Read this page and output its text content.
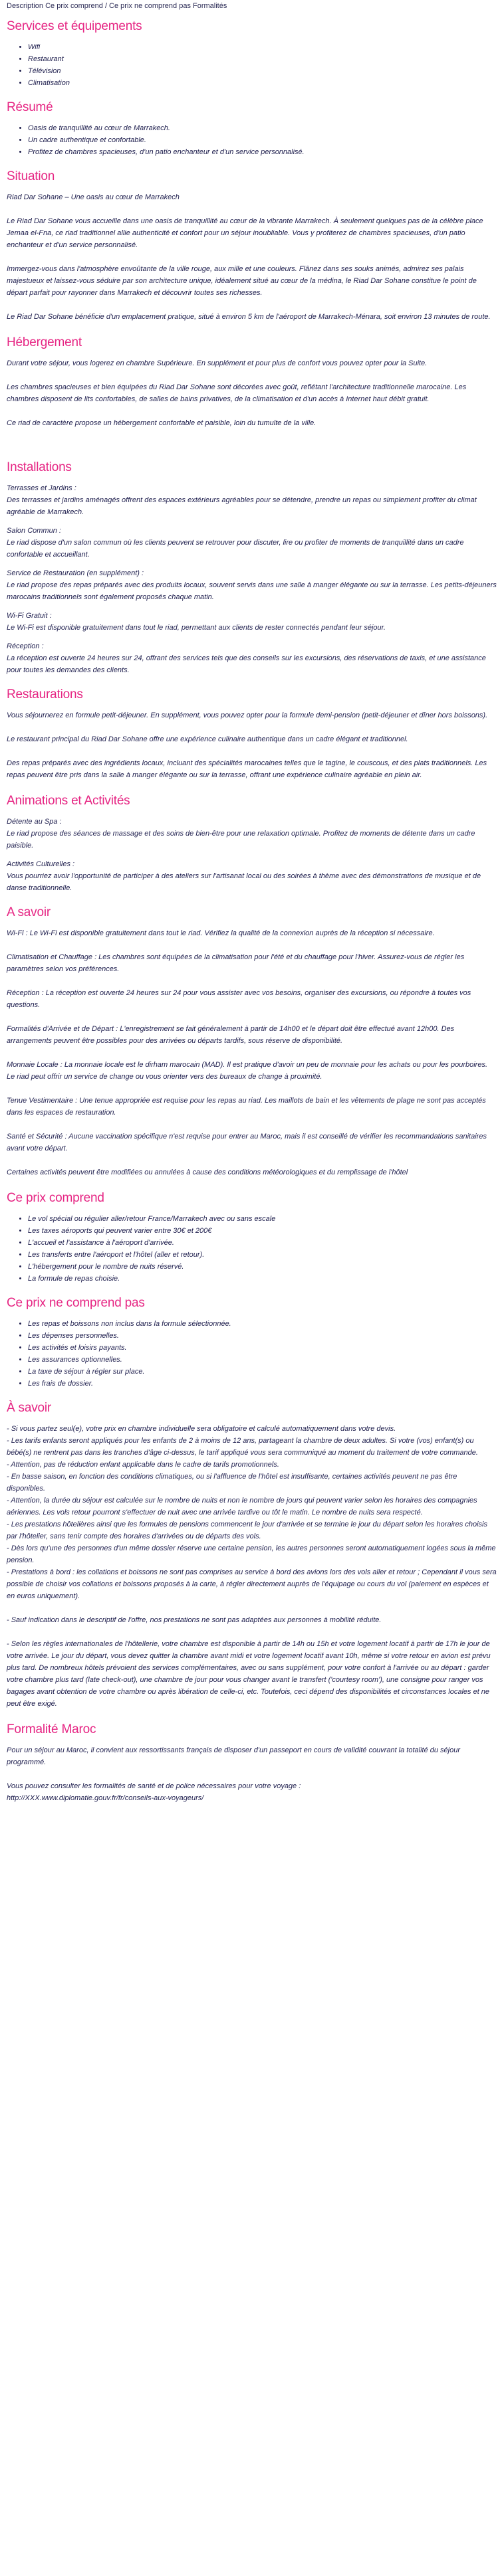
Description Ce prix comprend / Ce prix ne comprend pas Formalités
Services et équipements
• Wifi
• Restaurant
• Télévision
• Climatisation
Résumé
• Oasis de tranquillité au cœur de Marrakech.
• Un cadre authentique et confortable.
• Profitez de chambres spacieuses, d'un patio enchanteur et d'un service personnalisé.
Situation

Riad Dar Sohane – Une oasis au cœur de Marrakech

Le Riad Dar Sohane vous accueille dans une oasis de tranquillité au cœur de la vibrante Marrakech. À seulement quelques pas de la célèbre place Jemaa el-Fna, ce riad traditionnel allie authenticité et confort pour un séjour inoubliable. Vous y profiterez de chambres spacieuses, d'un patio enchanteur et d'un service personnalisé.

Immergez-vous dans l'atmosphère envoûtante de la ville rouge, aux mille et une couleurs. Flânez dans ses souks animés, admirez ses palais majestueux et laissez-vous séduire par son architecture unique, idéalement situé au cœur de la médina, le Riad Dar Sohane constitue le point de départ parfait pour rayonner dans Marrakech et découvrir toutes ses richesses.

Le Riad Dar Sohane bénéficie d'un emplacement pratique, situé à environ 5 km de l'aéroport de Marrakech-Ménara, soit environ 13 minutes de route.

Hébergement

Durant votre séjour, vous logerez en chambre Supérieure. En supplément et pour plus de confort vous pouvez opter pour la Suite.

Les chambres spacieuses et bien équipées du Riad Dar Sohane sont décorées avec goût, reflétant l'architecture traditionnelle marocaine. Les chambres disposent de lits confortables, de salles de bains privatives, de la climatisation et d'un accès à Internet haut débit gratuit.

Ce riad de caractère propose un hébergement confortable et paisible, loin du tumulte de la ville.

Installations
Terrasses et Jardins :
Des terrasses et jardins aménagés offrent des espaces extérieurs agréables pour se détendre, prendre un repas ou simplement profiter du climat agréable de Marrakech.
Salon Commun :
Le riad dispose d'un salon commun où les clients peuvent se retrouver pour discuter, lire ou profiter de moments de tranquillité dans un cadre confortable et accueillant.
Service de Restauration (en supplément) :
Le riad propose des repas préparés avec des produits locaux, souvent servis dans une salle à manger élégante ou sur la terrasse. Les petits-déjeuners marocains traditionnels sont également proposés chaque matin.
Wi-Fi Gratuit :
Le Wi-Fi est disponible gratuitement dans tout le riad, permettant aux clients de rester connectés pendant leur séjour.
Réception :
La réception est ouverte 24 heures sur 24, offrant des services tels que des conseils sur les excursions, des réservations de taxis, et une assistance pour toutes les demandes des clients.
Restaurations

Vous séjournerez en formule petit-déjeuner. En supplément, vous pouvez opter pour la formule demi-pension (petit-déjeuner et dîner hors boissons).

Le restaurant principal du Riad Dar Sohane offre une expérience culinaire authentique dans un cadre élégant et traditionnel.

Des repas préparés avec des ingrédients locaux, incluant des spécialités marocaines telles que le tagine, le couscous, et des plats traditionnels. Les repas peuvent être pris dans la salle à manger élégante ou sur la terrasse, offrant une expérience culinaire agréable en plein air.

Animations et Activités
Détente au Spa :
Le riad propose des séances de massage et des soins de bien-être pour une relaxation optimale. Profitez de moments de détente dans un cadre paisible.
Activités Culturelles :
Vous pourriez avoir l'opportunité de participer à des ateliers sur l'artisanat local ou des soirées à thème avec des démonstrations de musique et de danse traditionnelle.
A savoir

Wi-Fi : Le Wi-Fi est disponible gratuitement dans tout le riad. Vérifiez la qualité de la connexion auprès de la réception si nécessaire.

Climatisation et Chauffage : Les chambres sont équipées de la climatisation pour l'été et du chauffage pour l'hiver. Assurez-vous de régler les paramètres selon vos préférences.

Réception : La réception est ouverte 24 heures sur 24 pour vous assister avec vos besoins, organiser des excursions, ou répondre à toutes vos questions.

Formalités d'Arrivée et de Départ : L'enregistrement se fait généralement à partir de 14h00 et le départ doit être effectué avant 12h00. Des arrangements peuvent être possibles pour des arrivées ou départs tardifs, sous réserve de disponibilité.

Monnaie Locale : La monnaie locale est le dirham marocain (MAD). Il est pratique d'avoir un peu de monnaie pour les achats ou pour les pourboires. Le riad peut offrir un service de change ou vous orienter vers des bureaux de change à proximité.

Tenue Vestimentaire : Une tenue appropriée est requise pour les repas au riad. Les maillots de bain et les vêtements de plage ne sont pas acceptés dans les espaces de restauration.

Santé et Sécurité : Aucune vaccination spécifique n'est requise pour entrer au Maroc, mais il est conseillé de vérifier les recommandations sanitaires avant votre départ.

Certaines activités peuvent être modifiées ou annulées à cause des conditions météorologiques et du remplissage de l'hôtel

Ce prix comprend
• Le vol spécial ou régulier aller/retour France/Marrakech avec ou sans escale
• Les taxes aéroports qui peuvent varier entre 30€ et 200€
• L'accueil et l'assistance à l'aéroport d'arrivée.
• Les transferts entre l'aéroport et l'hôtel (aller et retour).
• L'hébergement pour le nombre de nuits réservé.
• La formule de repas choisie.
Ce prix ne comprend pas
• Les repas et boissons non inclus dans la formule sélectionnée.
• Les dépenses personnelles.
• Les activités et loisirs payants.
• Les assurances optionnelles.
• La taxe de séjour à régler sur place.
• Les frais de dossier.
À savoir
- Si vous partez seul(e), votre prix en chambre individuelle sera obligatoire et calculé automatiquement dans votre devis.
- Les tarifs enfants seront appliqués pour les enfants de 2 à moins de 12 ans, partageant la chambre de deux adultes. Si votre (vos) enfant(s) ou bébé(s) ne rentrent pas dans les tranches d'âge ci-dessus, le tarif appliqué vous sera communiqué au moment du traitement de votre commande.
- Attention, pas de réduction enfant applicable dans le cadre de tarifs promotionnels.
- En basse saison, en fonction des conditions climatiques, ou si l'affluence de l'hôtel est insuffisante, certaines activités peuvent ne pas être disponibles.
- Attention, la durée du séjour est calculée sur le nombre de nuits et non le nombre de jours qui peuvent varier selon les horaires des compagnies aériennes. Les vols retour pourront s'effectuer de nuit avec une arrivée tardive ou tôt le matin. Le nombre de nuits sera respecté.
- Les prestations hôtelières ainsi que les formules de pensions commencent le jour d'arrivée et se termine le jour du départ selon les horaires choisis par l'hôtelier, sans tenir compte des horaires d'arrivées ou de départs des vols.
- Dès lors qu'une des personnes d'un même dossier réserve une certaine pension, les autres personnes seront automatiquement logées sous la même pension.
- Prestations à bord : les collations et boissons ne sont pas comprises au service à bord des avions lors des vols aller et retour ; Cependant il vous sera possible de choisir vos collations et boissons proposés à la carte, à régler directement auprès de l'équipage ou cours du vol (paiement en espèces et en euros uniquement).

- Sauf indication dans le descriptif de l'offre, nos prestations ne sont pas adaptées aux personnes à mobilité réduite.

- Selon les règles internationales de l'hôtellerie, votre chambre est disponible à partir de 14h ou 15h et votre logement locatif à partir de 17h le jour de votre arrivée. Le jour du départ, vous devez quitter la chambre avant midi et votre logement locatif avant 10h, même si votre retour en avion est prévu plus tard. De nombreux hôtels prévoient des services complémentaires, avec ou sans supplément, pour votre confort à l'arrivée ou au départ : garder votre chambre plus tard (late check-out), une chambre de jour pour vous changer avant le transfert ('courtesy room'), une consigne pour ranger vos bagages avant obtention de votre chambre ou après libération de celle-ci, etc. Toutefois, ceci dépend des disponibilités et circonstances locales et ne peut être exigé.

Formalité Maroc

Pour un séjour au Maroc, il convient aux ressortissants français de disposer d'un passeport en cours de validité couvrant la totalité du séjour programmé.

Vous pouvez consulter les formalités de santé et de police nécessaires pour votre voyage :
http://XXX.www.diplomatie.gouv.fr/fr/conseils-aux-voyageurs/
